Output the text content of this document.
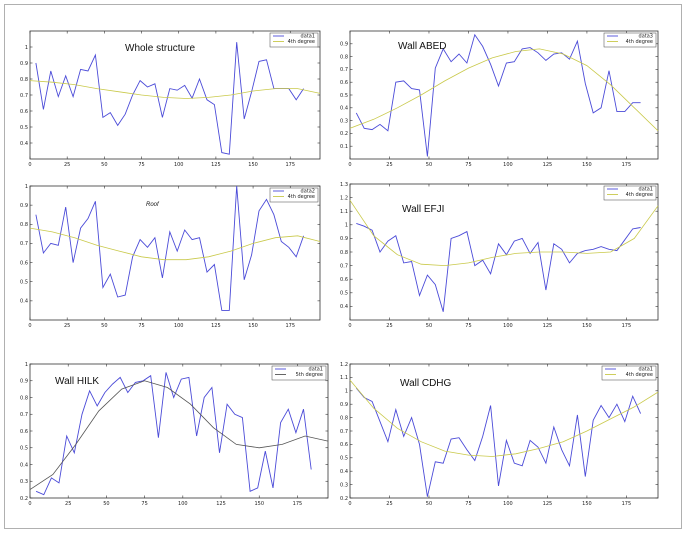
0	25	50	75	100	125	150	175
0.4
0.5
0.6
0.7
0.8
0.9
1	Whole structure
data1
4th degree
0	25	50	75	100	125	150	175
0.1
0.2
0.3
0.4
0.5
0.6
0.7
0.8
0.9	Wall ABED
data3
4th degree
0	25	50	75	100	125	150	175
0.4
0.5
0.6
0.7
0.8
0.9
1
Roof
data2
4th degree
0	25	50	75	100	125	150	175
0.4
0.5
0.6
0.7
0.8
0.9
1
1.1
1.2
1.3
Wall EFJI
data1
4th degree
0	25	50	75	100	125	150	175
0.2
0.3
0.4
0.5
0.6
0.7
0.8
0.9
1
Wall HILK
data1
5th degree
0	25	50	75	100	125	150	175
0.2
0.3
0.4
0.5
0.6
0.7
0.8
0.9
1
1.1
1.2
Wall CDHG
data1
4th degree
